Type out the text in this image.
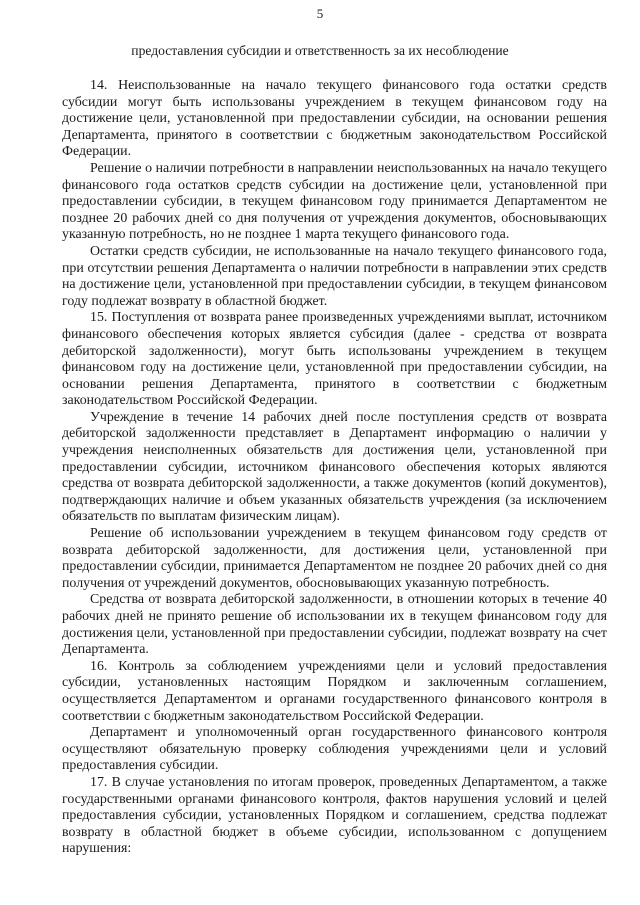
5
предоставления субсидии и ответственность за их несоблюдение

14. Неиспользованные на начало текущего финансового года остатки средств субсидии могут быть использованы учреждением в текущем финансовом году на достижение цели, установленной при предоставлении субсидии, на основании решения Департамента, принятого в соответствии с бюджетным законодательством Российской Федерации.

Решение о наличии потребности в направлении неиспользованных на начало текущего финансового года остатков средств субсидии на достижение цели, установленной при предоставлении субсидии, в текущем финансовом году принимается Департаментом не позднее 20 рабочих дней со дня получения от учреждения документов, обосновывающих указанную потребность, но не позднее 1 марта текущего финансового года.

Остатки средств субсидии, не использованные на начало текущего финансового года, при отсутствии решения Департамента о наличии потребности в направлении этих средств на достижение цели, установленной при предоставлении субсидии, в текущем финансовом году подлежат возврату в областной бюджет.

15. Поступления от возврата ранее произведенных учреждениями выплат, источником финансового обеспечения которых является субсидия (далее - средства от возврата дебиторской задолженности), могут быть использованы учреждением в текущем финансовом году на достижение цели, установленной при предоставлении субсидии, на основании решения Департамента, принятого в соответствии с бюджетным законодательством Российской Федерации.

Учреждение в течение 14 рабочих дней после поступления средств от возврата дебиторской задолженности представляет в Департамент информацию о наличии у учреждения неисполненных обязательств для достижения цели, установленной при предоставлении субсидии, источником финансового обеспечения которых являются средства от возврата дебиторской задолженности, а также документов (копий документов), подтверждающих наличие и объем указанных обязательств учреждения (за исключением обязательств по выплатам физическим лицам).

Решение об использовании учреждением в текущем финансовом году средств от возврата дебиторской задолженности, для достижения цели, установленной при предоставлении субсидии, принимается Департаментом не позднее 20 рабочих дней со дня получения от учреждений документов, обосновывающих указанную потребность.

Средства от возврата дебиторской задолженности, в отношении которых в течение 40 рабочих дней не принято решение об использовании их в текущем финансовом году для достижения цели, установленной при предоставлении субсидии, подлежат возврату на счет Департамента.

16. Контроль за соблюдением учреждениями цели и условий предоставления субсидии, установленных настоящим Порядком и заключенным соглашением, осуществляется Департаментом и органами государственного финансового контроля в соответствии с бюджетным законодательством Российской Федерации.

Департамент и уполномоченный орган государственного финансового контроля осуществляют обязательную проверку соблюдения учреждениями цели и условий предоставления субсидии.

17. В случае установления по итогам проверок, проведенных Департаментом, а также государственными органами финансового контроля, фактов нарушения условий и целей предоставления субсидии, установленных Порядком и соглашением, средства подлежат возврату в областной бюджет в объеме субсидии, использованном с допущением нарушения:
